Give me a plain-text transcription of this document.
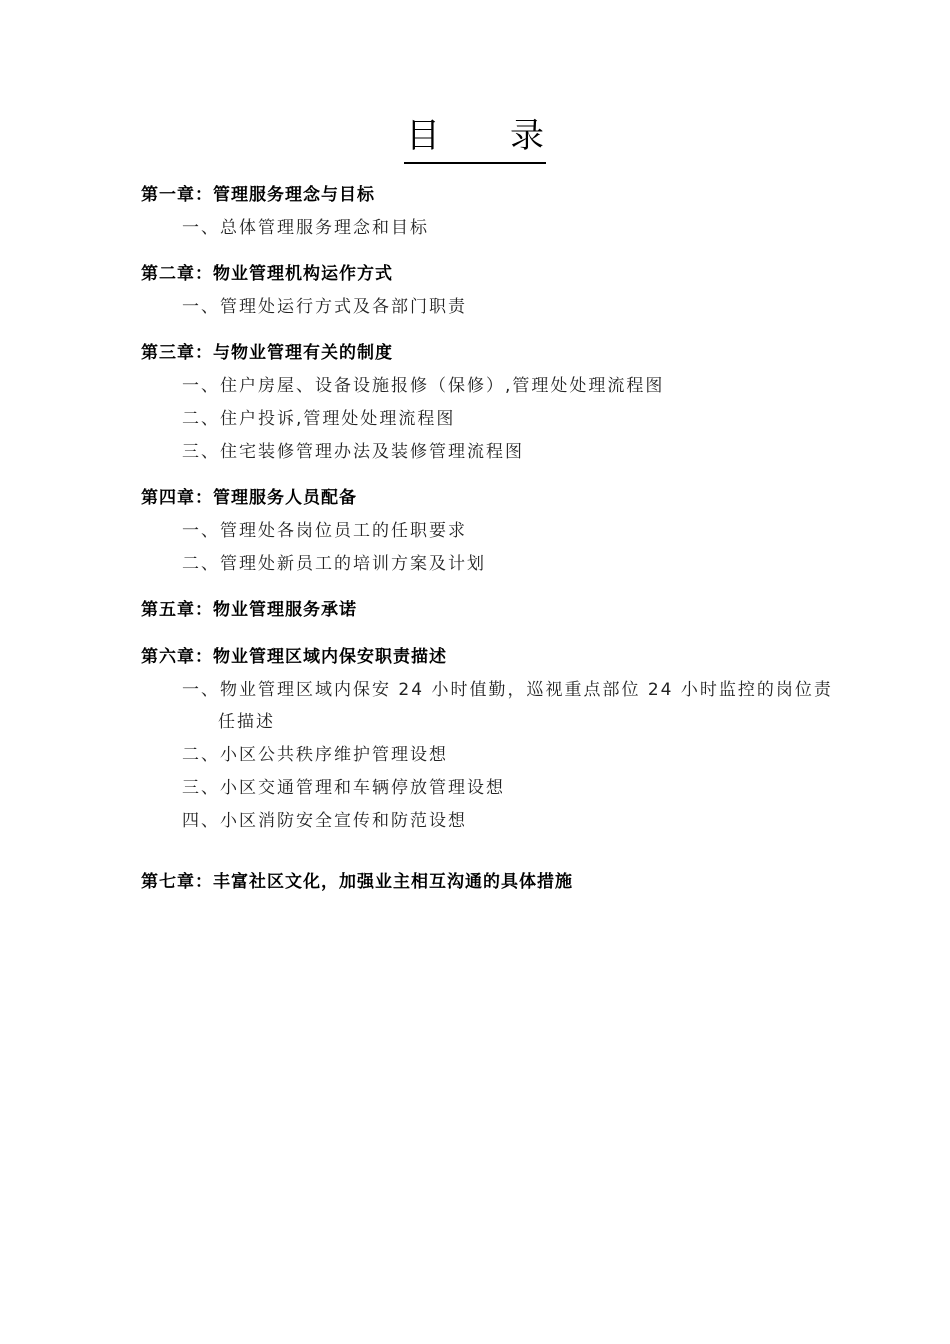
目 录
第一章：管理服务理念与目标
一、总体管理服务理念和目标
第二章：物业管理机构运作方式
一、管理处运行方式及各部门职责
第三章：与物业管理有关的制度
一、住户房屋、设备设施报修（保修）,管理处处理流程图
二、住户投诉,管理处处理流程图
三、住宅装修管理办法及装修管理流程图
第四章：管理服务人员配备
一、管理处各岗位员工的任职要求
二、管理处新员工的培训方案及计划
第五章：物业管理服务承诺
第六章：物业管理区域内保安职责描述
一、物业管理区域内保安 24 小时值勤，巡视重点部位 24 小时监控的岗位责
任描述
二、小区公共秩序维护管理设想
三、小区交通管理和车辆停放管理设想
四、小区消防安全宣传和防范设想
第七章：丰富社区文化，加强业主相互沟通的具体措施
